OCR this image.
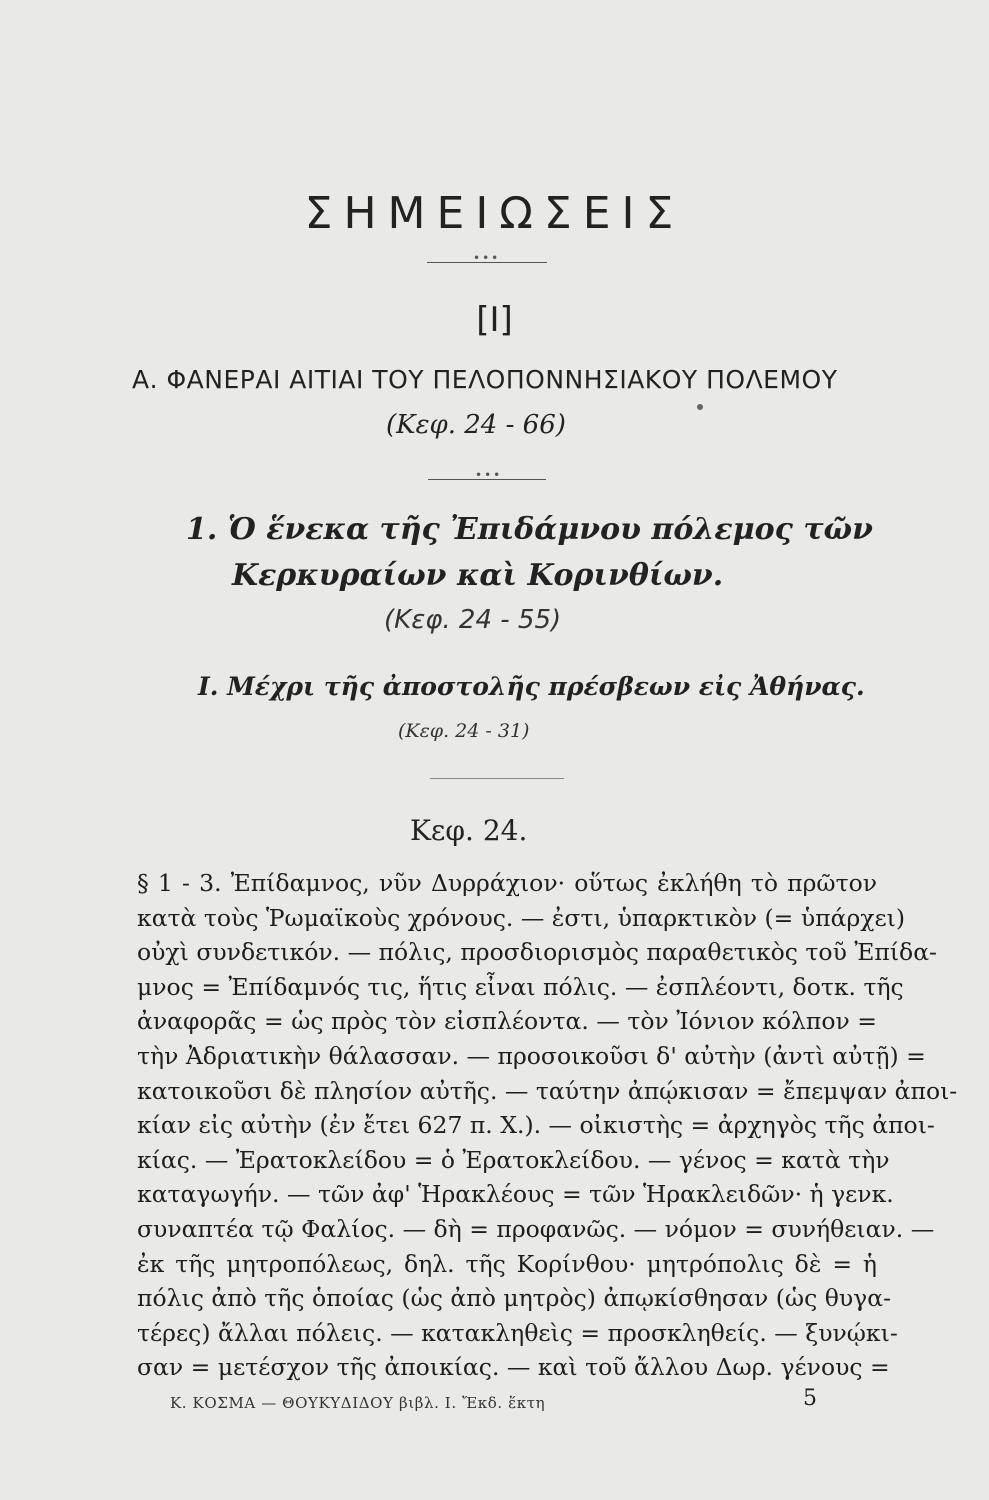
ΣΗΜΕΙΩΣΕΙΣ
•••
[I]
Α. ΦΑΝΕΡΑΙ ΑΙΤΙΑΙ ΤΟΥ ΠΕΛΟΠΟΝΝΗΣΙΑΚΟΥ ΠΟΛΕΜΟΥ
(Κεφ. 24 - 66)
•••
1. Ὁ ἕνεκα τῆς Ἐπιδάμνου πόλεμος τῶν
Κερκυραίων καὶ Κορινθίων.
(Κεφ. 24 - 55)
Ι. Μέχρι τῆς ἀποστολῆς πρέσβεων εἰς Ἀθήνας.
(Κεφ. 24 - 31)
Κεφ. 24.
§ 1 - 3. Ἐπίδαμνος, νῦν Δυρράχιον· οὕτως ἐκλήθη τὸ πρῶτον
κατὰ τοὺς Ῥωμαϊκοὺς χρόνους. — ἐστι, ὑπαρκτικὸν (= ὑπάρχει)
οὐχὶ συνδετικόν. — πόλις, προσδιορισμὸς παραθετικὸς τοῦ Ἐπίδα-
μνος = Ἐπίδαμνός τις, ἥτις εἶναι πόλις. — ἐσπλέοντι, δοτκ. τῆς
ἀναφορᾶς = ὡς πρὸς τὸν εἰσπλέοντα. — τὸν Ἰόνιον κόλπον =
τὴν Ἀδριατικὴν θάλασσαν. — προσοικοῦσι δ' αὐτὴν (ἀντὶ αὐτῇ) =
κατοικοῦσι δὲ πλησίον αὐτῆς. — ταύτην ἀπῴκισαν = ἔπεμψαν ἀποι-
κίαν εἰς αὐτὴν (ἐν ἔτει 627 π. Χ.). — οἰκιστὴς = ἀρχηγὸς τῆς ἀποι-
κίας. — Ἐρατοκλείδου = ὁ Ἐρατοκλείδου. — γένος = κατὰ τὴν
καταγωγήν. — τῶν ἀφ' Ἡρακλέους = τῶν Ἡρακλειδῶν· ἡ γενκ.
συναπτέα τῷ Φαλίος. — δὴ = προφανῶς. — νόμον = συνήθειαν. —
ἐκ τῆς μητροπόλεως, δηλ. τῆς Κορίνθου· μητρόπολις δὲ = ἡ
πόλις ἀπὸ τῆς ὁποίας (ὡς ἀπὸ μητρὸς) ἀπῳκίσθησαν (ὡς θυγα-
τέρες) ἄλλαι πόλεις. — κατακληθεὶς = προσκληθείς. — ξυνῴκι-
σαν = μετέσχον τῆς ἀποικίας. — καὶ τοῦ ἄλλου Δωρ. γένους =
Κ. ΚΟΣΜΑ — ΘΟΥΚΥΔΙΔΟΥ βιβλ. Ι. Ἔκδ. ἕκτη	5
